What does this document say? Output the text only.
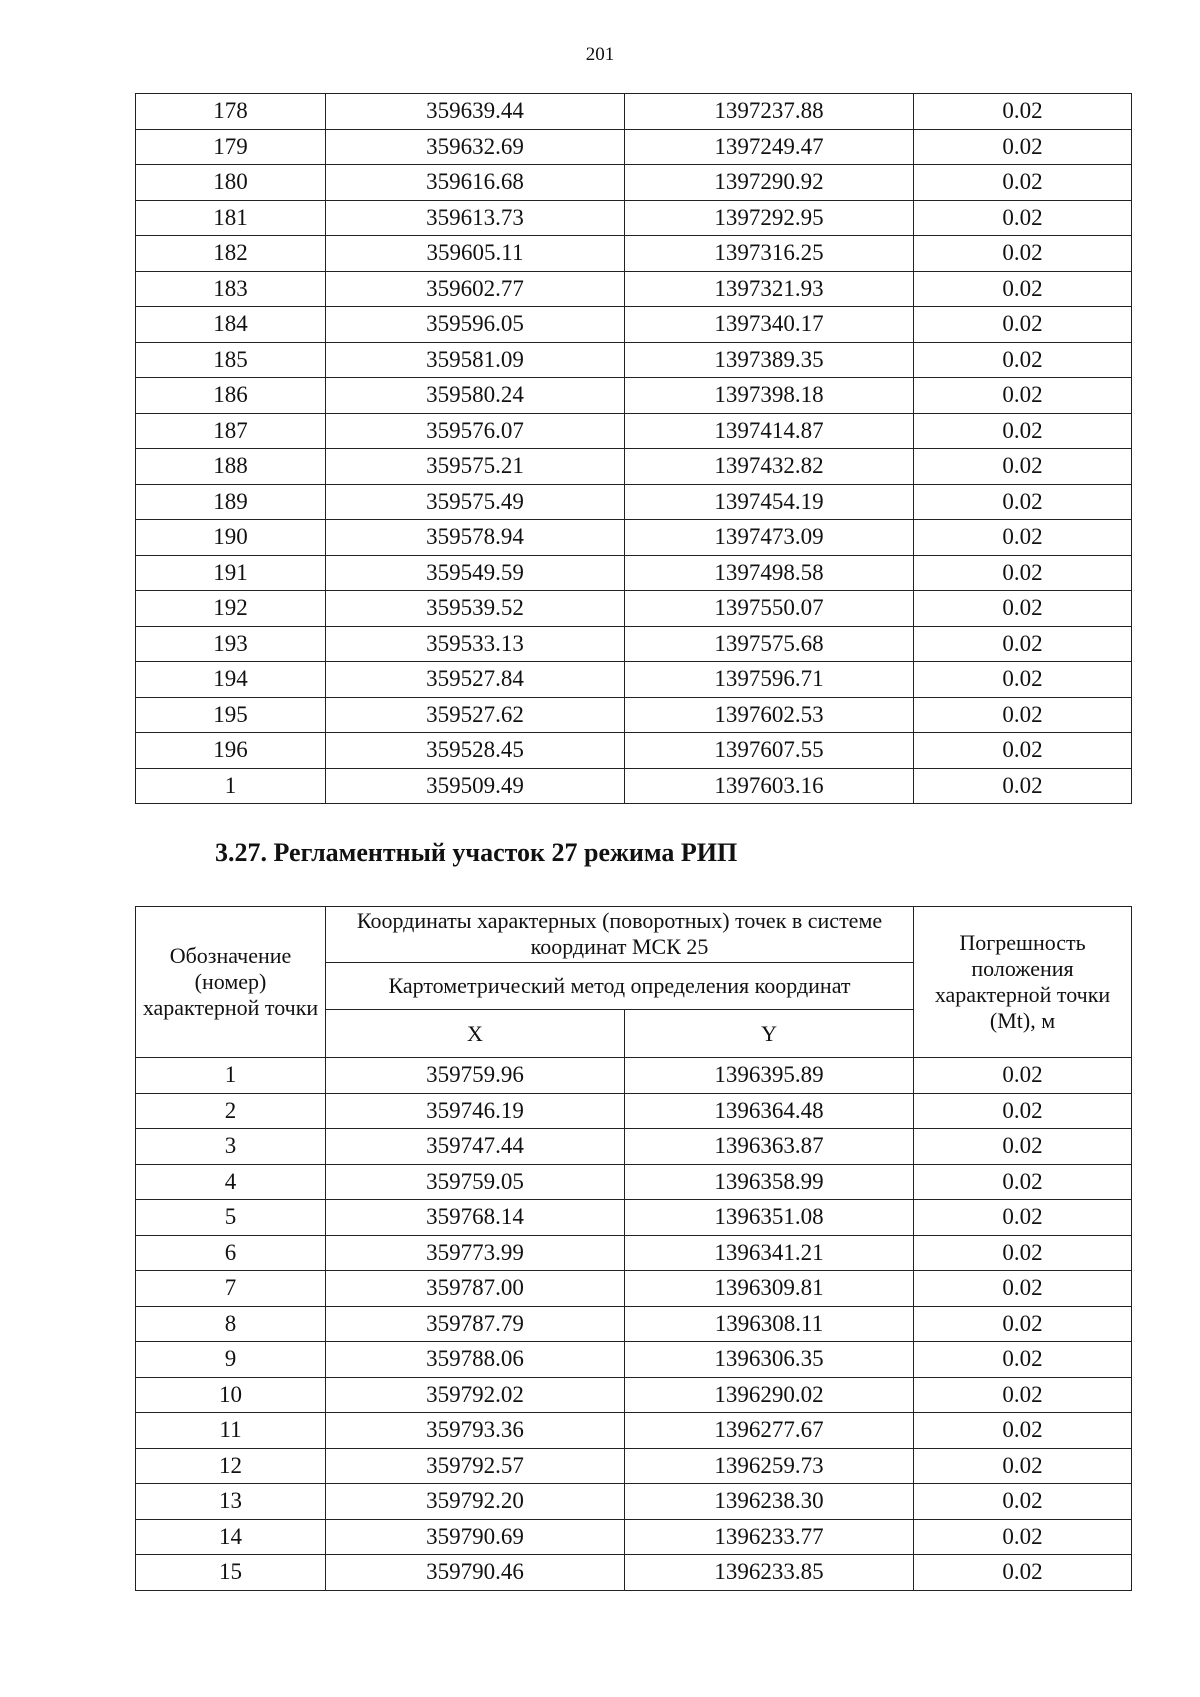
201
178	359639.44	1397237.88	0.02
179	359632.69	1397249.47	0.02
180	359616.68	1397290.92	0.02
181	359613.73	1397292.95	0.02
182	359605.11	1397316.25	0.02
183	359602.77	1397321.93	0.02
184	359596.05	1397340.17	0.02
185	359581.09	1397389.35	0.02
186	359580.24	1397398.18	0.02
187	359576.07	1397414.87	0.02
188	359575.21	1397432.82	0.02
189	359575.49	1397454.19	0.02
190	359578.94	1397473.09	0.02
191	359549.59	1397498.58	0.02
192	359539.52	1397550.07	0.02
193	359533.13	1397575.68	0.02
194	359527.84	1397596.71	0.02
195	359527.62	1397602.53	0.02
196	359528.45	1397607.55	0.02
1	359509.49	1397603.16	0.02
3.27. Регламентный участок 27 режима РИП
Обозначение (номер) характерной точки	Координаты характерных (поворотных) точек в системе координат МСК 25		Погрешность положения характерной точки (Mt), м
	Картометрический метод определения координат		
	X	Y	
1	359759.96	1396395.89	0.02
2	359746.19	1396364.48	0.02
3	359747.44	1396363.87	0.02
4	359759.05	1396358.99	0.02
5	359768.14	1396351.08	0.02
6	359773.99	1396341.21	0.02
7	359787.00	1396309.81	0.02
8	359787.79	1396308.11	0.02
9	359788.06	1396306.35	0.02
10	359792.02	1396290.02	0.02
11	359793.36	1396277.67	0.02
12	359792.57	1396259.73	0.02
13	359792.20	1396238.30	0.02
14	359790.69	1396233.77	0.02
15	359790.46	1396233.85	0.02
